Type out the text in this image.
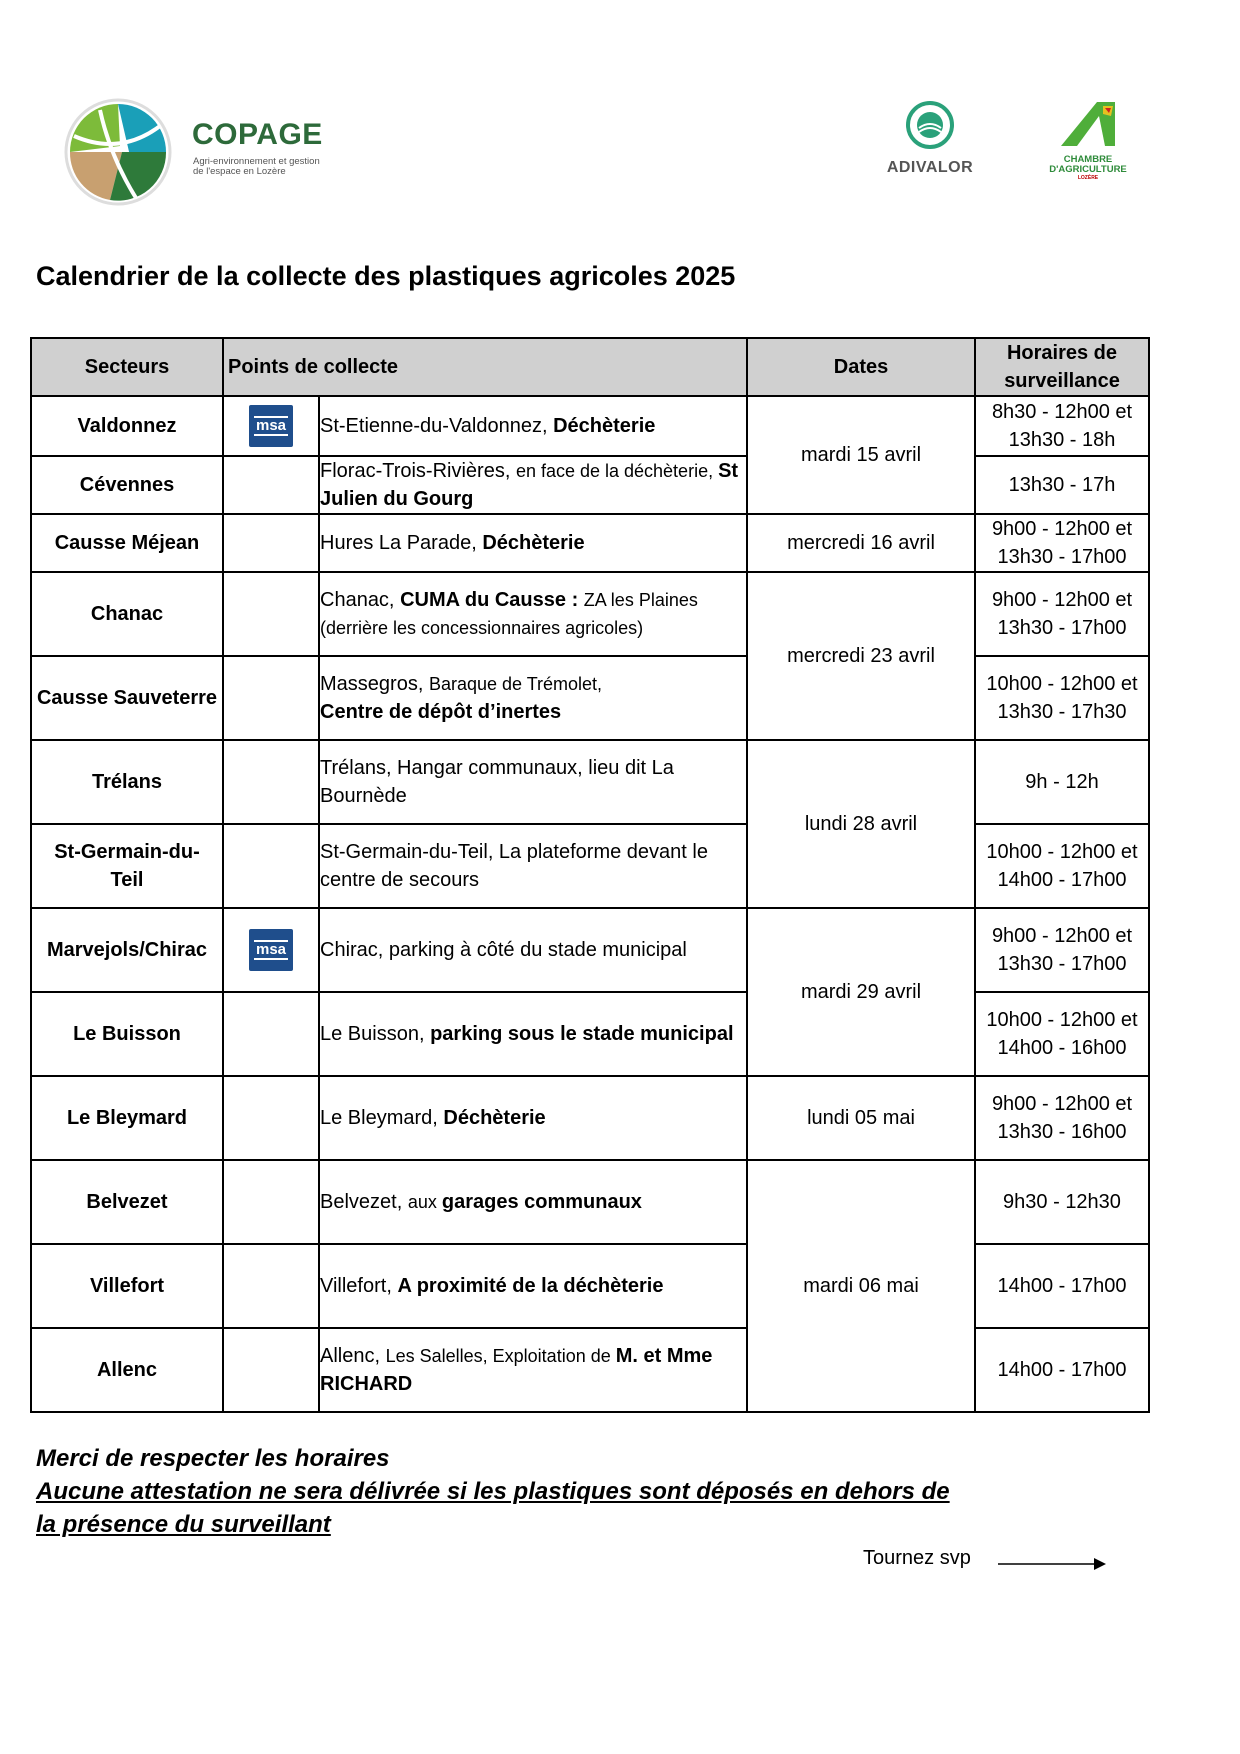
COPAGE
Agri-environnement et gestion de l'espace en Lozère	ADIVALOR	CHAMBRE D'AGRICULTURE
LOZÈRE
Calendrier de la collecte des plastiques agricoles 2025
Secteurs	Points de collecte		Dates	Horaires de surveillance
Valdonnez	msa	St-Etienne-du-Valdonnez, Déchèterie	mardi 15 avril	8h30 - 12h00 et
13h30 - 18h
Cévennes		Florac-Trois-Rivières, en face de la déchèterie, St Julien du Gourg		13h30 - 17h
Causse Méjean		Hures La Parade, Déchèterie	mercredi 16 avril	9h00 - 12h00 et
13h30 - 17h00
Chanac		Chanac, CUMA du Causse : ZA les Plaines (derrière les concessionnaires agricoles)	mercredi 23 avril	9h00 - 12h00 et
13h30 - 17h00
Causse Sauveterre		Massegros, Baraque de Trémolet,
Centre de dépôt d’inertes		10h00 - 12h00 et
13h30 - 17h30
Trélans		Trélans, Hangar communaux, lieu dit La Bournède	lundi 28 avril	9h - 12h
St-Germain-du-
Teil		St-Germain-du-Teil, La plateforme devant le centre de secours		10h00 - 12h00 et
14h00 - 17h00
Marvejols/Chirac	msa	Chirac, parking à côté du stade municipal	mardi 29 avril	9h00 - 12h00 et
13h30 - 17h00
Le Buisson		Le Buisson, parking sous le stade municipal		10h00 - 12h00 et
14h00 - 16h00
Le Bleymard		Le Bleymard, Déchèterie	lundi 05 mai	9h00 - 12h00 et
13h30 - 16h00
Belvezet		Belvezet, aux garages communaux	mardi 06 mai	9h30 - 12h30
Villefort		Villefort, A proximité de la déchèterie		14h00 - 17h00
Allenc		Allenc, Les Salelles, Exploitation de M. et Mme RICHARD		14h00 - 17h00
Merci de respecter les horaires
Aucune attestation ne sera délivrée si les plastiques sont déposés en dehors de
la présence du surveillant
Tournez svp
